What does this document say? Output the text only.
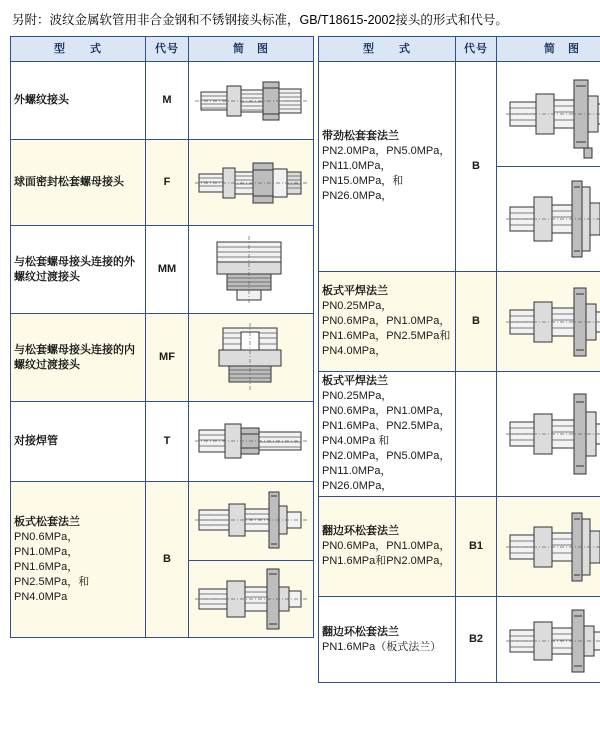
另附：波纹金属软管用非合金钢和不锈钢接头标准，GB/T18615-2002接头的形式和代号。
型　　式	代号	简　图

外螺纹接头	M	

球面密封松套螺母接头	F	

与松套螺母接头连接的外螺纹过渡接头	MM	

与松套螺母接头连接的内螺纹过渡接头	MF	

对接焊管	T	

板式松套法兰
PN0.6MPa，PN1.0MPa，PN1.6MPa，PN2.5MPa，和PN4.0MPa	B	

型　　式	代号	简　图

带劲松套套法兰
PN2.0MPa，PN5.0MPa，PN11.0MPa，PN15.0MPa，和PN26.0MPa，	B	

板式平焊法兰
PN0.25MPa，PN0.6MPa，PN1.0MPa，PN1.6MPa，PN2.5MPa和PN4.0MPa，	B	

板式平焊法兰
PN0.25MPa，PN0.6MPa，PN1.0MPa，PN1.6MPa、PN2.5MPa，PN4.0MPa 和PN2.0MPa，PN5.0MPa，PN11.0MPa，PN26.0MPa，

翻边环松套法兰
PN0.6MPa，PN1.0MPa，PN1.6MPa和PN2.0MPa，	B1	

翻边环松套法兰
PN1.6MPa（板式法兰）	B2	
